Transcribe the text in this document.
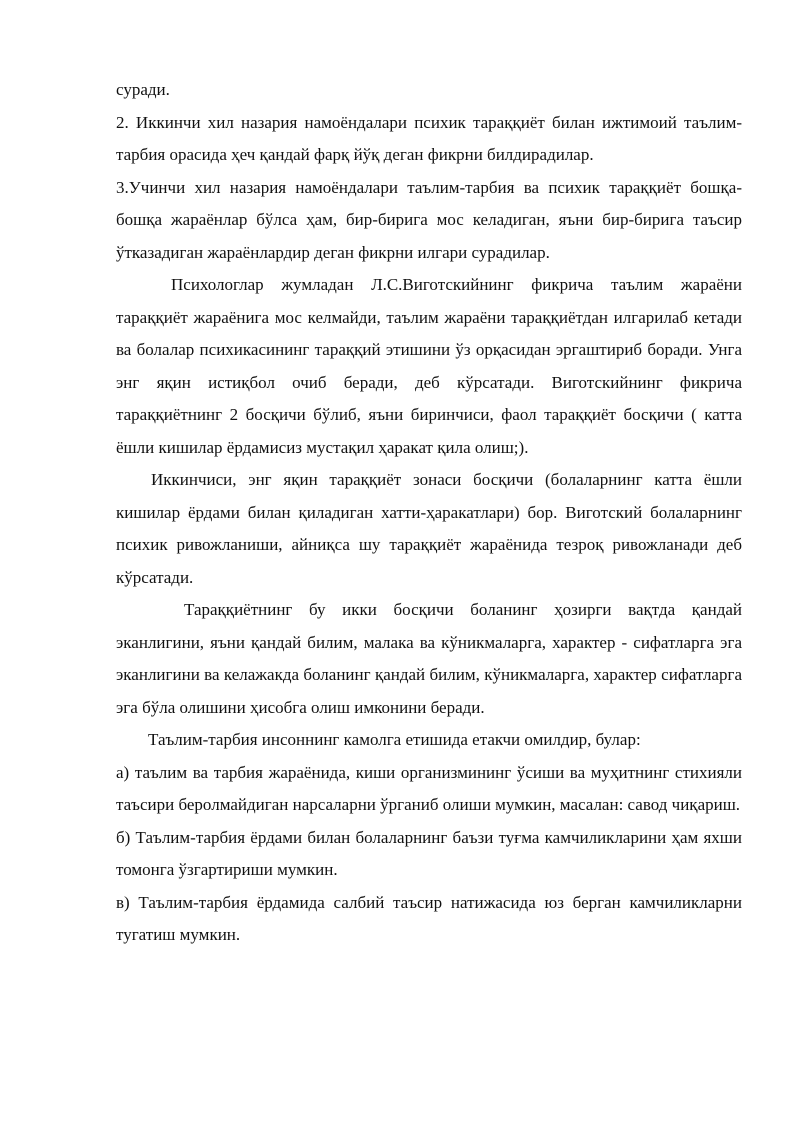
суради.

2. Иккинчи хил назария намоёндалари психик тараққиёт билан ижтимоий таълим-тарбия орасида ҳеч қандай фарқ йўқ деган фикрни билдирадилар.

3.Учинчи хил назария намоёндалари таълим-тарбия ва психик тараққиёт бошқа-бошқа жараёнлар бўлса ҳам, бир-бирига мос келадиган, яъни бир-бирига таъсир ўтказадиган жараёнлардир деган фикрни илгари сурадилар.

Психологлар жумладан Л.С.Виготскийнинг фикрича таълим жараёни тараққиёт жараёнига мос келмайди, таълим жараёни тараққиётдан илгарилаб кетади ва болалар психикасининг тараққий этишини ўз орқасидан эргаштириб боради. Унга энг яқин истиқбол очиб беради, деб кўрсатади. Виготскийнинг фикрича тараққиётнинг 2 босқичи бўлиб, яъни биринчиси, фаол тараққиёт босқичи ( катта ёшли кишилар ёрдамисиз мустақил ҳаракат қила олиш;).

Иккинчиси, энг яқин тараққиёт зонаси босқичи (болаларнинг катта ёшли кишилар ёрдами билан қиладиган хатти-ҳаракатлари) бор. Виготский болаларнинг психик ривожланиши, айниқса шу тараққиёт жараёнида тезроқ ривожланади деб кўрсатади.

Тараққиётнинг бу икки босқичи боланинг ҳозирги вақтда қандай эканлигини, яъни қандай билим, малака ва кўникмаларга, характер - сифатларга эга эканлигини ва келажакда боланинг қандай билим, кўникмаларга, характер сифатларга эга бўла олишини ҳисобга олиш имконини беради.

Таълим-тарбия инсоннинг камолга етишида етакчи омилдир, булар:

а) таълим ва тарбия жараёнида, киши организмининг ўсиши ва муҳитнинг стихияли таъсири беролмайдиган нарсаларни ўрганиб олиши мумкин, масалан: савод чиқариш.

б) Таълим-тарбия ёрдами билан болаларнинг баъзи туғма камчиликларини ҳам яхши томонга ўзгартириши мумкин.

в) Таълим-тарбия ёрдамида салбий таъсир натижасида юз берган камчиликларни тугатиш мумкин.
